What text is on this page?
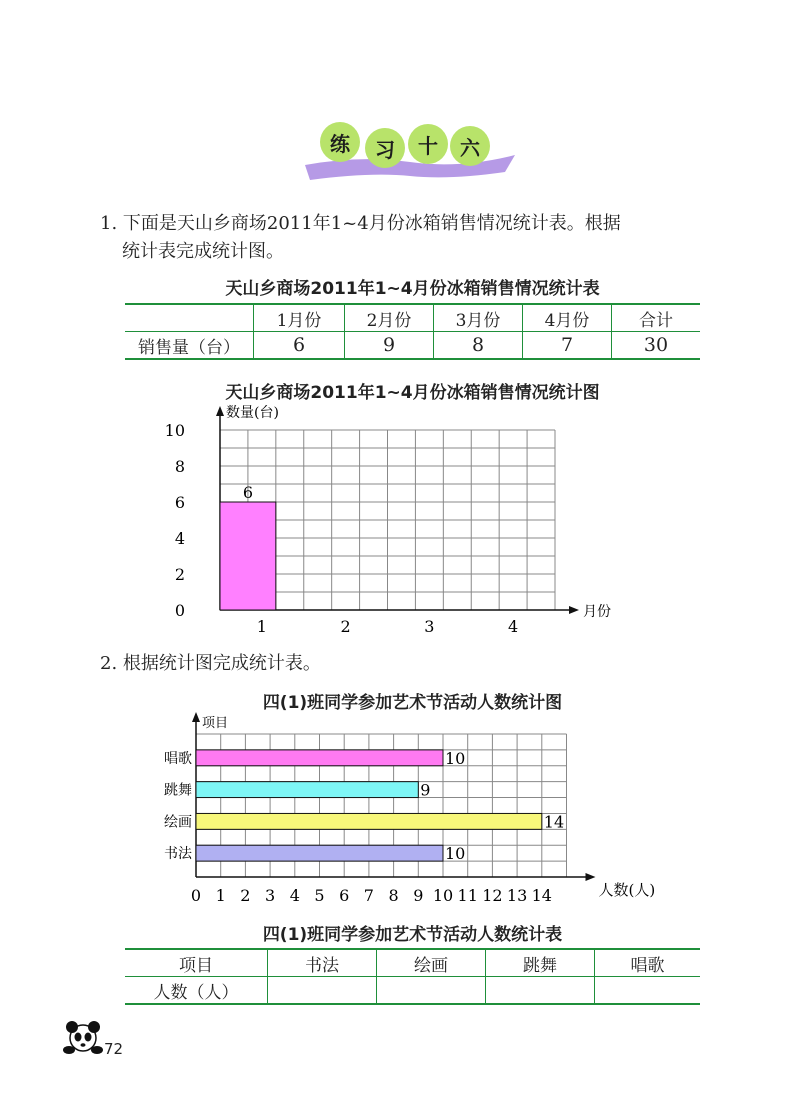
练	习	十	六
1. 下面是天山乡商场2011年1~4月份冰箱销售情况统计表。根据
统计表完成统计图。
天山乡商场2011年1~4月份冰箱销售情况统计表
	1月份	2月份	3月份	4月份	合计
销售量（台）	6	9	8	7	30
天山乡商场2011年1~4月份冰箱销售情况统计图
0
2
4
6
8
10
1
6
2	3	4
数量(台)
月份
2. 根据统计图完成统计表。
四(1)班同学参加艺术节活动人数统计图
0 1 2 3 4 5 6 7 8 9 10 11 12 13 14
10
唱歌
9
跳舞
14
绘画
10
书法
项目
人数(人)
四(1)班同学参加艺术节活动人数统计表
项目	书法	绘画	跳舞	唱歌
人数（人）				
72
